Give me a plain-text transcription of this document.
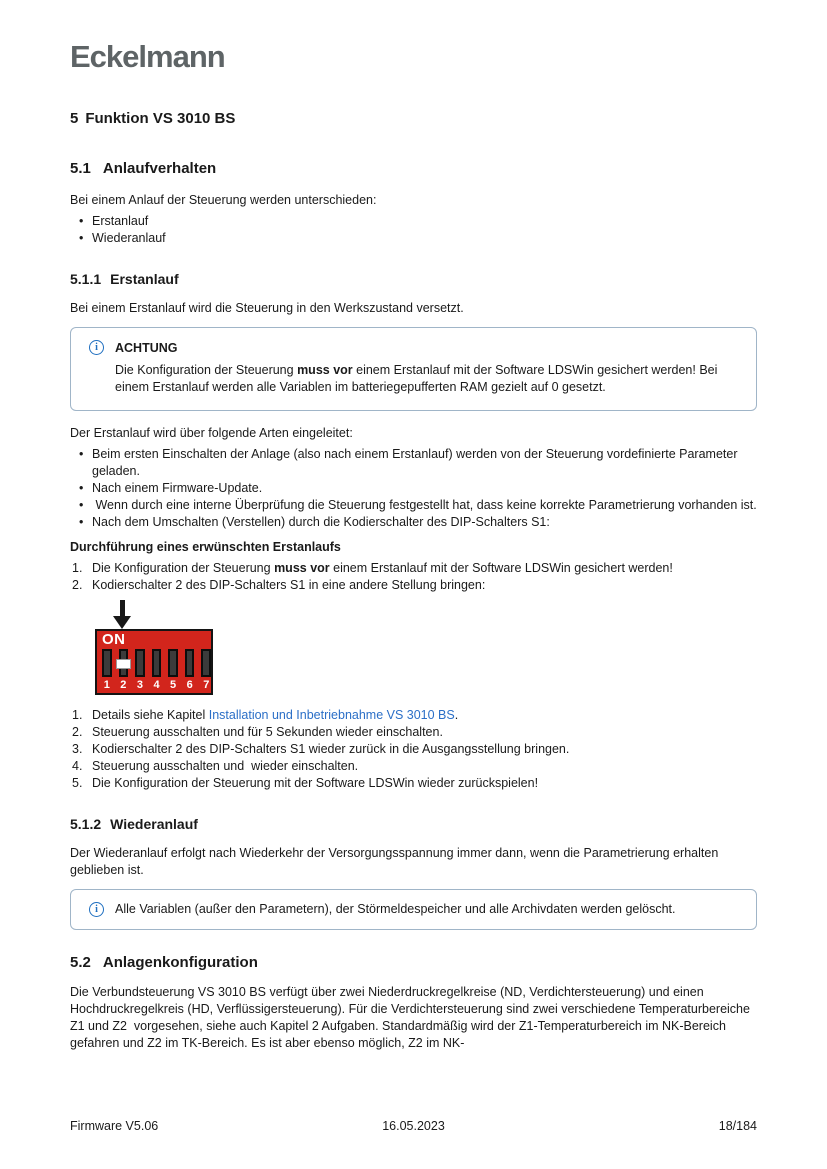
Eckelmann
5 Funktion VS 3010 BS
5.1 Anlaufverhalten

Bei einem Anlauf der Steuerung werden unterschieden:

• Erstanlauf
• Wiederanlauf
5.1.1 Erstanlauf

Bei einem Erstanlauf wird die Steuerung in den Werkszustand versetzt.

i	ACHTUNG

Die Konfiguration der Steuerung muss vor einem Erstanlauf mit der Software LDSWin gesichert werden! Bei einem Erstanlauf werden alle Variablen im batteriegepufferten RAM gezielt auf 0 gesetzt.

Der Erstanlauf wird über folgende Arten eingeleitet:

• Beim ersten Einschalten der Anlage (also nach einem Erstanlauf) werden von der Steuerung vordefinierte Parameter geladen.
• Nach einem Firmware-Update.
•  Wenn durch eine interne Überprüfung die Steuerung festgestellt hat, dass keine korrekte Parametrierung vorhanden ist.
• Nach dem Umschalten (Verstellen) durch die Kodierschalter des DIP-Schalters S1:

Durchführung eines erwünschten Erstanlaufs

Die Konfiguration der Steuerung muss vor einem Erstanlauf mit der Software LDSWin gesichert werden!
Kodierschalter 2 des DIP-Schalters S1 in eine andere Stellung bringen:
ON
1 2 3 4 5 6 7
Details siehe Kapitel Installation und Inbetriebnahme VS 3010 BS.
Steuerung ausschalten und für 5 Sekunden wieder einschalten.
Kodierschalter 2 des DIP-Schalters S1 wieder zurück in die Ausgangsstellung bringen.
Steuerung ausschalten und  wieder einschalten.
Die Konfiguration der Steuerung mit der Software LDSWin wieder zurückspielen!
5.1.2 Wiederanlauf

Der Wiederanlauf erfolgt nach Wiederkehr der Versorgungsspannung immer dann, wenn die Parametrierung erhalten geblieben ist.

i	Alle Variablen (außer den Parametern), der Störmeldespeicher und alle Archivdaten werden gelöscht.

5.2 Anlagenkonfiguration

Die Verbundsteuerung VS 3010 BS verfügt über zwei Niederdruckregelkreise (ND, Verdichtersteuerung) und einen Hochdruckregelkreis (HD, Verflüssigersteuerung). Für die Verdichtersteuerung sind zwei verschiedene Temperaturbereiche Z1 und Z2  vorgesehen, siehe auch Kapitel 2 Aufgaben. Standardmäßig wird der Z1-Temperaturbereich im NK-Bereich gefahren und Z2 im TK-Bereich. Es ist aber ebenso möglich, Z2 im NK-

Firmware V5.06	16.05.2023	18/184
